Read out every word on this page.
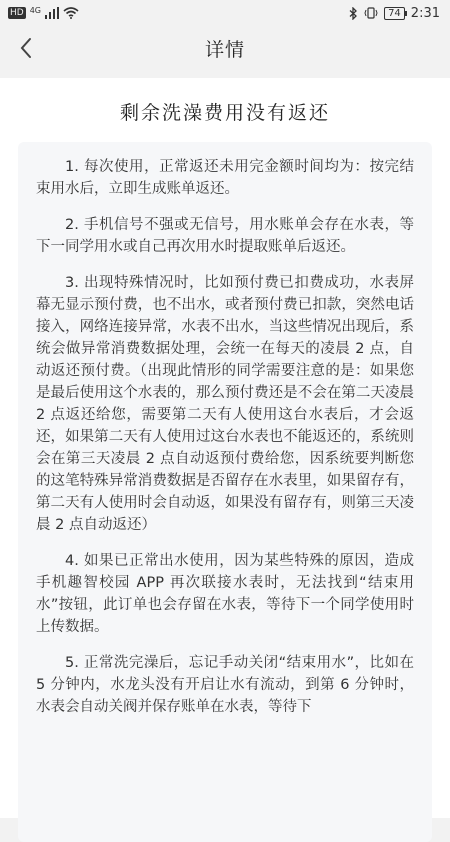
HD 4G	74 2:31
详情
剩余洗澡费用没有返还

1. 每次使用，正常返还未用完金额时间均为：按完结束用水后，立即生成账单返还。

2. 手机信号不强或无信号，用水账单会存在水表，等下一同学用水或自己再次用水时提取账单后返还。

3. 出现特殊情况时，比如预付费已扣费成功，水表屏幕无显示预付费，也不出水，或者预付费已扣款，突然电话接入，网络连接异常，水表不出水，当这些情况出现后，系统会做异常消费数据处理，会统一在每天的凌晨 2 点，自动返还预付费。（出现此情形的同学需要注意的是：如果您是最后使用这个水表的，那么预付费还是不会在第二天凌晨 2 点返还给您，需要第二天有人使用这台水表后，才会返还，如果第二天有人使用过这台水表也不能返还的，系统则会在第三天凌晨 2 点自动返预付费给您，因系统要判断您的这笔特殊异常消费数据是否留存在水表里，如果留存有，第二天有人使用时会自动返，如果没有留存有，则第三天凌晨 2 点自动返还）

4. 如果已正常出水使用，因为某些特殊的原因，造成手机趣智校园 APP 再次联接水表时，无法找到“结束用水”按钮，此订单也会存留在水表，等待下一个同学使用时上传数据。

5. 正常洗完澡后，忘记手动关闭“结束用水”，比如在 5 分钟内，水龙头没有开启让水有流动，到第 6 分钟时，水表会自动关阀并保存账单在水表，等待下
